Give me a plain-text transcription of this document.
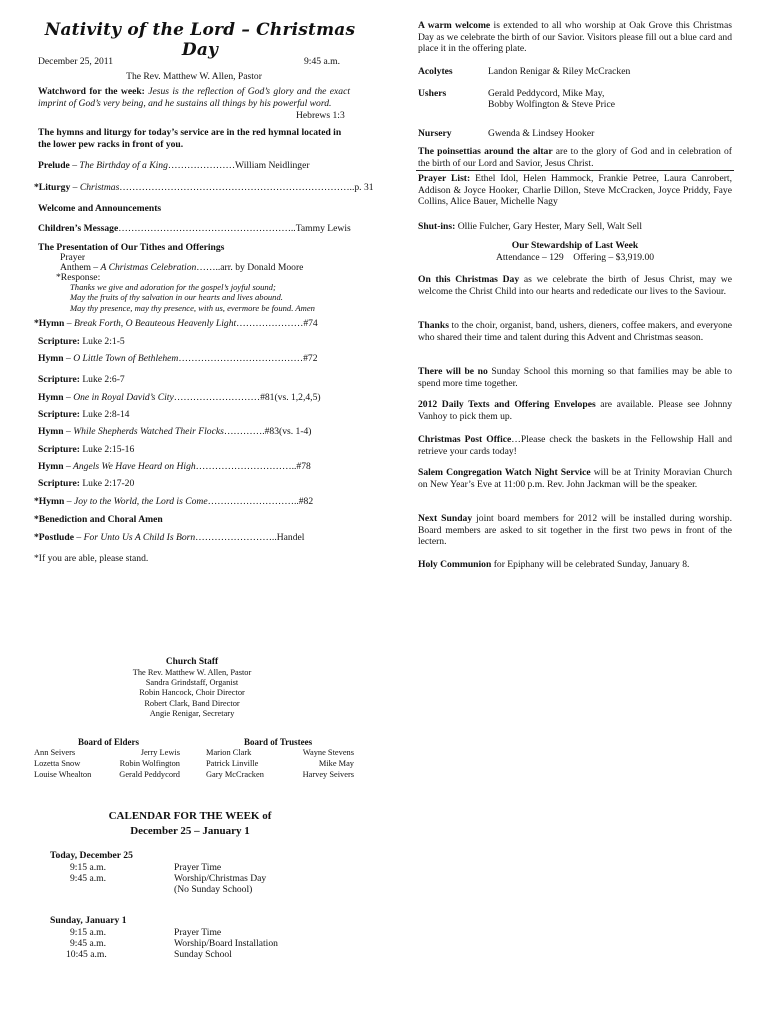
Nativity of the Lord – Christmas Day
December 25, 2011	9:45 a.m.
The Rev. Matthew W. Allen, Pastor
Watchword for the week: Jesus is the reflection of God’s glory and the exact imprint of God’s very being, and he sustains all things by his powerful word.
Hebrews 1:3
The hymns and liturgy for today’s service are in the red hymnal located in the lower pew racks in front of you.
Prelude – The Birthday of a King…………………William Neidlinger
*Liturgy – Christmas………………………………………………………………..p. 31
Welcome and Announcements
Children’s Message………………………………………………..Tammy Lewis
The Presentation of Our Tithes and Offerings
Prayer
Anthem – A Christmas Celebration……..arr. by Donald Moore
*Response:
Thanks we give and adoration for the gospel’s joyful sound;
May the fruits of thy salvation in our hearts and lives abound.
May thy presence, may thy presence, with us, evermore be found. Amen
*Hymn – Break Forth, O Beauteous Heavenly Light…………………#74
Scripture: Luke 2:1-5
Hymn – O Little Town of Bethlehem…………………………………#72
Scripture: Luke 2:6-7
Hymn – One in Royal David’s City………………………#81(vs. 1,2,4,5)
Scripture: Luke 2:8-14
Hymn – While Shepherds Watched Their Flocks………….#83(vs. 1-4)
Scripture: Luke 2:15-16
Hymn – Angels We Have Heard on High…………………………..#78
Scripture: Luke 2:17-20
*Hymn – Joy to the World, the Lord is Come………………………..#82
*Benediction and Choral Amen
*Postlude – For Unto Us A Child Is Born……………………..Handel
*If you are able, please stand.
Church Staff
The Rev. Matthew W. Allen, Pastor
Sandra Grindstaff, Organist
Robin Hancock, Choir Director
Robert Clark, Band Director
Angie Renigar, Secretary
Board of Elders	Board of Trustees
Ann Seivers	Jerry Lewis
Lozetta Snow	Robin Wolfington
Louise Whealton	Gerald Peddycord
Marion Clark	Wayne Stevens
Patrick Linville	Mike May
Gary McCracken	Harvey Seivers
CALENDAR FOR THE WEEK of
December 25 – January 1
Today, December 25
9:15 a.m.	Prayer Time
9:45 a.m.	Worship/Christmas Day
(No Sunday School)
Sunday, January 1
9:15 a.m.	Prayer Time
9:45 a.m.	Worship/Board Installation
10:45 a.m.	Sunday School
A warm welcome is extended to all who worship at Oak Grove this Christmas Day as we celebrate the birth of our Savior. Visitors please fill out a blue card and place it in the offering plate.
Acolytes	Landon Renigar & Riley McCracken
Ushers	Gerald Peddycord, Mike May,
Bobby Wolfington & Steve Price
Nursery	Gwenda & Lindsey Hooker
The poinsettias around the altar are to the glory of God and in celebration of the birth of our Lord and Savior, Jesus Christ.
Prayer List: Ethel Idol, Helen Hammock, Frankie Petree, Laura Canrobert, Addison & Joyce Hooker, Charlie Dillon, Steve McCracken, Joyce Priddy, Faye Collins, Alice Bauer, Michelle Nagy
Shut-ins: Ollie Fulcher, Gary Hester, Mary Sell, Walt Sell
Our Stewardship of Last Week
Attendance – 129    Offering – $3,919.00
On this Christmas Day as we celebrate the birth of Jesus Christ, may we welcome the Christ Child into our hearts and rededicate our lives to the Saviour.
Thanks to the choir, organist, band, ushers, dieners, coffee makers, and everyone who shared their time and talent during this Advent and Christmas season.
There will be no Sunday School this morning so that families may be able to spend more time together.
2012 Daily Texts and Offering Envelopes are available. Please see Johnny Vanhoy to pick them up.
Christmas Post Office…Please check the baskets in the Fellowship Hall and retrieve your cards today!
Salem Congregation Watch Night Service will be at Trinity Moravian Church on New Year’s Eve at 11:00 p.m. Rev. John Jackman will be the speaker.
Next Sunday joint board members for 2012 will be installed during worship. Board members are asked to sit together in the first two pews in front of the lectern.
Holy Communion for Epiphany will be celebrated Sunday, January 8.
